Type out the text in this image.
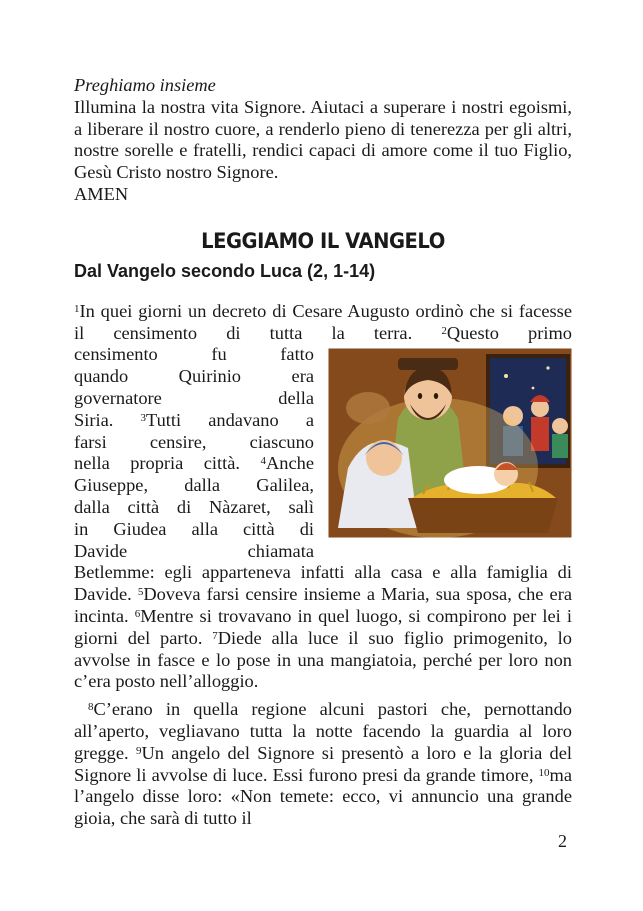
Preghiamo insieme
Illumina la nostra vita Signore. Aiutaci a superare i nostri egoismi, a liberare il nostro cuore, a renderlo pieno di tenerezza per gli altri, nostre sorelle e fratelli, rendici capaci di amore come il tuo Figlio, Gesù Cristo nostro Signore.
AMEN
LEGGIAMO IL VANGELO
Dal Vangelo secondo Luca (2, 1-14)
$^1$In quei giorni un decreto di Cesare Augusto ordinò che si facesse il censimento di tutta la terra.	$^2$Questo primo
censimento fu fatto
quando Quirinio era
governatore della
Siria. $^3$Tutti andavano a
farsi censire, ciascuno
nella propria città. $^4$Anche
Giuseppe, dalla Galilea,
dalla città di Nàzaret, salì
in Giudea alla città di
Davide chiamata
Betlemme: egli apparteneva infatti alla casa e alla famiglia di Davide. $^5$Doveva farsi censire insieme a Maria, sua sposa, che era incinta. $^6$Mentre si trovavano in quel luogo, si compirono per lei i giorni del parto. $^7$Diede alla luce il suo figlio primogenito, lo avvolse in fasce e lo pose in una mangiatoia, perché per loro non c’era posto nell’alloggio.
$^8$C’erano in quella regione alcuni pastori che, pernottando all’aperto, vegliavano tutta la notte facendo la guardia al loro gregge. $^9$Un angelo del Signore si presentò a loro e la gloria del Signore li avvolse di luce. Essi furono presi da grande timore, $^{10}$ma l’angelo disse loro: «Non temete: ecco, vi annuncio una grande gioia, che sarà di tutto il
2
